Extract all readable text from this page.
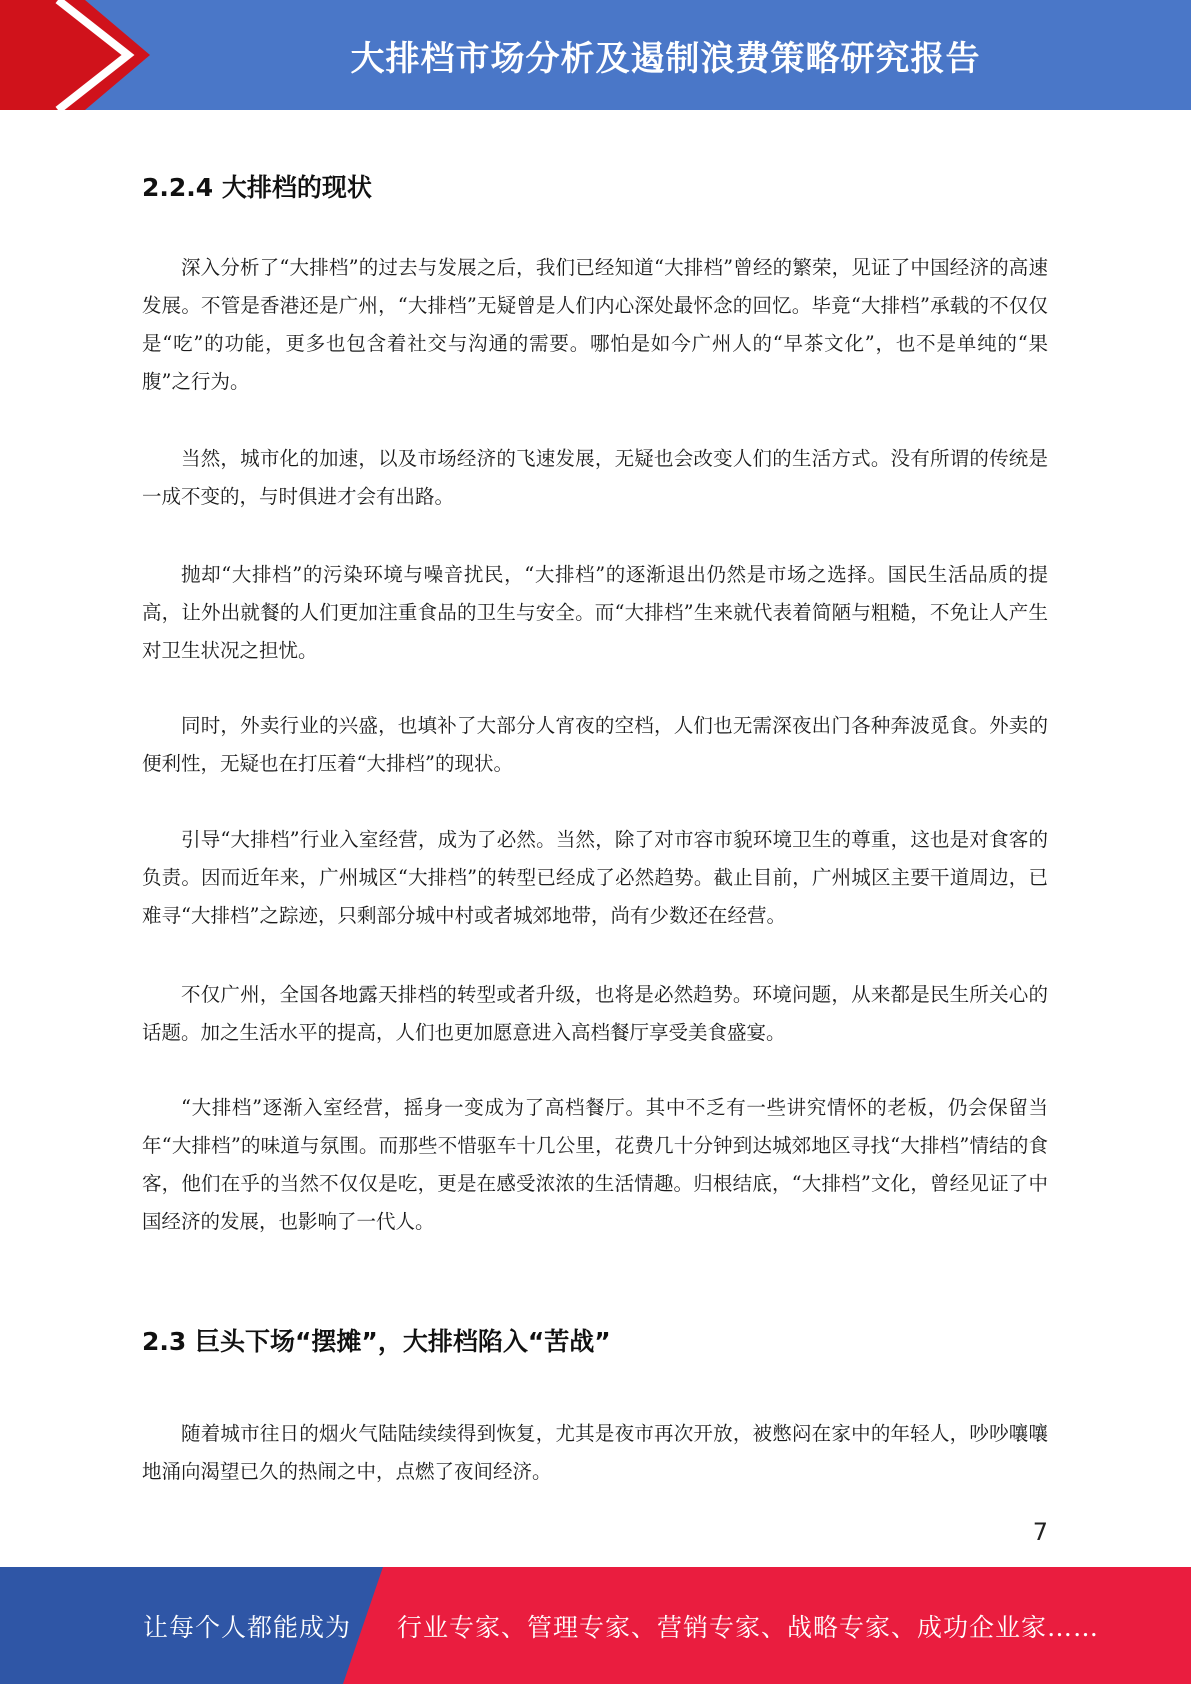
大排档市场分析及遏制浪费策略研究报告
2.2.4 大排档的现状

深入分析了“大排档”的过去与发展之后，我们已经知道“大排档”曾经的繁荣，见证了中国经济的高速发展。不管是香港还是广州，“大排档”无疑曾是人们内心深处最怀念的回忆。毕竟“大排档”承载的不仅仅是“吃”的功能，更多也包含着社交与沟通的需要。哪怕是如今广州人的“早茶文化”，也不是单纯的“果腹”之行为。

当然，城市化的加速，以及市场经济的飞速发展，无疑也会改变人们的生活方式。没有所谓的传统是一成不变的，与时俱进才会有出路。

抛却“大排档”的污染环境与噪音扰民，“大排档”的逐渐退出仍然是市场之选择。国民生活品质的提高，让外出就餐的人们更加注重食品的卫生与安全。而“大排档”生来就代表着简陋与粗糙，不免让人产生对卫生状况之担忧。

同时，外卖行业的兴盛，也填补了大部分人宵夜的空档，人们也无需深夜出门各种奔波觅食。外卖的便利性，无疑也在打压着“大排档”的现状。

引导“大排档”行业入室经营，成为了必然。当然，除了对市容市貌环境卫生的尊重，这也是对食客的负责。因而近年来，广州城区“大排档”的转型已经成了必然趋势。截止目前，广州城区主要干道周边，已难寻“大排档”之踪迹，只剩部分城中村或者城郊地带，尚有少数还在经营。

不仅广州，全国各地露天排档的转型或者升级，也将是必然趋势。环境问题，从来都是民生所关心的话题。加之生活水平的提高，人们也更加愿意进入高档餐厅享受美食盛宴。

“大排档”逐渐入室经营，摇身一变成为了高档餐厅。其中不乏有一些讲究情怀的老板，仍会保留当年“大排档”的味道与氛围。而那些不惜驱车十几公里，花费几十分钟到达城郊地区寻找“大排档”情结的食客，他们在乎的当然不仅仅是吃，更是在感受浓浓的生活情趣。归根结底，“大排档”文化，曾经见证了中国经济的发展，也影响了一代人。

2.3 巨头下场“摆摊”，大排档陷入“苦战”

随着城市往日的烟火气陆陆续续得到恢复，尤其是夜市再次开放，被憋闷在家中的年轻人，吵吵嚷嚷地涌向渴望已久的热闹之中，点燃了夜间经济。

7
让每个人都能成为 行业专家、管理专家、营销专家、战略专家、成功企业家……
